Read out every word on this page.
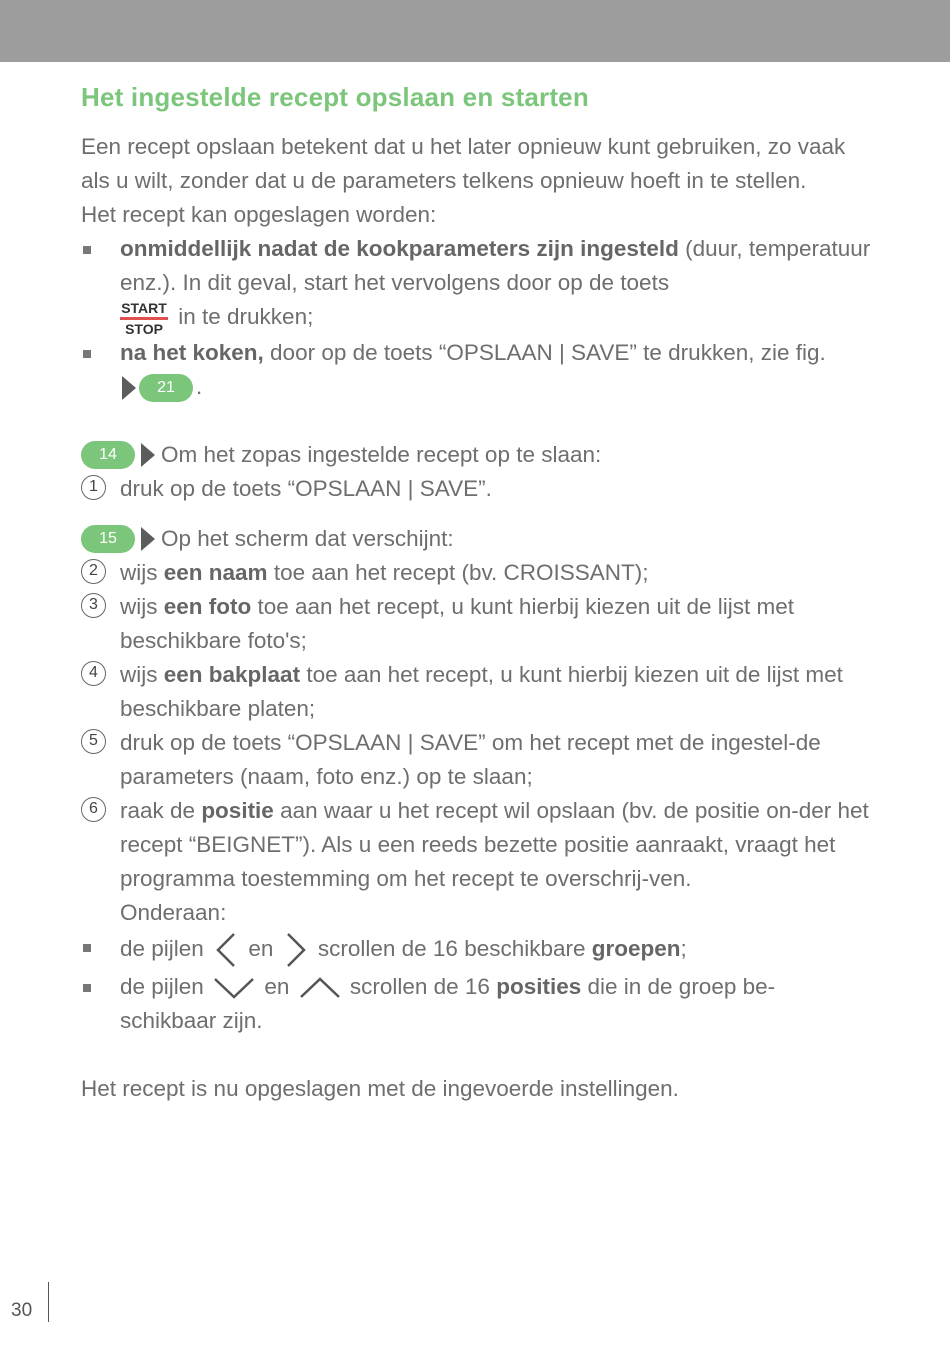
Het ingestelde recept opslaan en starten

Een recept opslaan betekent dat u het later opnieuw kunt gebruiken, zo vaak als u wilt, zonder dat u de parameters telkens opnieuw hoeft in te stellen.

Het recept kan opgeslagen worden:

onmiddellijk nadat de kookparameters zijn ingesteld (duur, temperatuur enz.). In dit geval, start het vervolgens door op de toets

START
STOP in te drukken;
na het koken, door op de toets “OPSLAAN | SAVE” te drukken, zie fig.
21 .
14	Om het zopas ingestelde recept op te slaan:
1 druk op de toets “OPSLAAN | SAVE”.
15	Op het scherm dat verschijnt:
2 wijs een naam toe aan het recept (bv. CROISSANT);
3 wijs een foto toe aan het recept, u kunt hierbij kiezen uit de lijst met beschikbare foto's;
4 wijs een bakplaat toe aan het recept, u kunt hierbij kiezen uit de lijst met beschikbare platen;
5 druk op de toets “OPSLAAN | SAVE” om het recept met de ingestel-de parameters (naam, foto enz.) op te slaan;
6 raak de positie aan waar u het recept wil opslaan (bv. de positie on-der het recept “BEIGNET”). Als u een reeds bezette positie aanraakt, vraagt het programma toestemming om het recept te overschrij-ven.
Onderaan:
de pijlen  en  scrollen de 16 beschikbare groepen;
de pijlen  en  scrollen de 16 posities die in de groep be-schikbaar zijn.

Het recept is nu opgeslagen met de ingevoerde instellingen.

30
